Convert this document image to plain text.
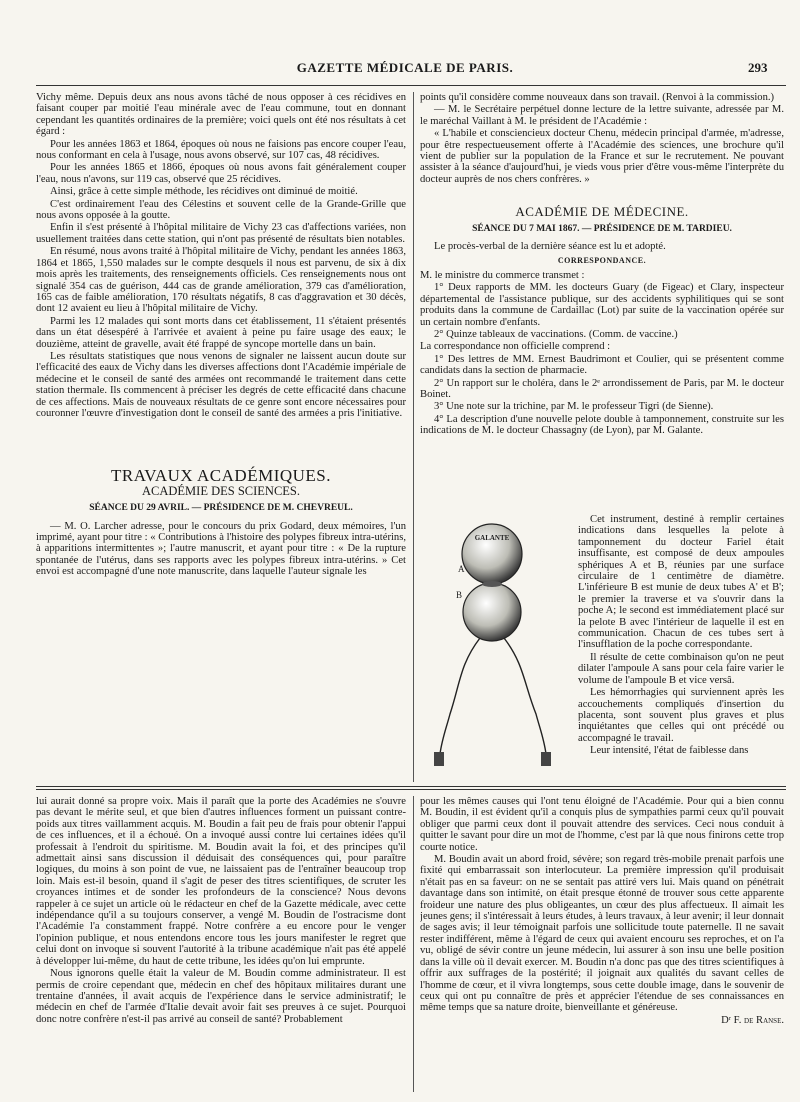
GAZETTE MÉDICALE DE PARIS.	293

Vichy même. Depuis deux ans nous avons tâché de nous opposer à ces récidives en faisant couper par moitié l'eau minérale avec de l'eau commune, tout en donnant cependant les quantités ordinaires de la première; voici quels ont été nos résultats à cet égard :

Pour les années 1863 et 1864, époques où nous ne faisions pas encore couper l'eau, nous conformant en cela à l'usage, nous avons observé, sur 107 cas, 48 récidives.

Pour les années 1865 et 1866, époques où nous avons fait généralement couper l'eau, nous n'avons, sur 119 cas, observé que 25 récidives.

Ainsi, grâce à cette simple méthode, les récidives ont diminué de moitié.

C'est ordinairement l'eau des Célestins et souvent celle de la Grande-Grille que nous avons opposée à la goutte.

Enfin il s'est présenté à l'hôpital militaire de Vichy 23 cas d'affections variées, non usuellement traitées dans cette station, qui n'ont pas présenté de résultats bien notables.

En résumé, nous avons traité à l'hôpital militaire de Vichy, pendant les années 1863, 1864 et 1865, 1,550 malades sur le compte desquels il nous est parvenu, de six à dix mois après les traitements, des renseignements officiels. Ces renseignements nous ont signalé 354 cas de guérison, 444 cas de grande amélioration, 379 cas d'amélioration, 165 cas de faible amélioration, 170 résultats négatifs, 8 cas d'aggravation et 30 décès, dont 12 avaient eu lieu à l'hôpital militaire de Vichy.

Parmi les 12 malades qui sont morts dans cet établissement, 11 s'étaient présentés dans un état désespéré à l'arrivée et avaient à peine pu faire usage des eaux; le douzième, atteint de gravelle, avait été frappé de syncope mortelle dans un bain.

Les résultats statistiques que nous venons de signaler ne laissent aucun doute sur l'efficacité des eaux de Vichy dans les diverses affections dont l'Académie impériale de médecine et le conseil de santé des armées ont recommandé le traitement dans cette station thermale. Ils commencent à préciser les degrés de cette efficacité dans chacune de ces affections. Mais de nouveaux résultats de ce genre sont encore nécessaires pour couronner l'œuvre d'investigation dont le conseil de santé des armées a pris l'initiative.

TRAVAUX ACADÉMIQUES.
ACADÉMIE DES SCIENCES.
SÉANCE DU 29 AVRIL. — PRÉSIDENCE DE M. CHEVREUL.

— M. O. Larcher adresse, pour le concours du prix Godard, deux mémoires, l'un imprimé, ayant pour titre : « Contributions à l'histoire des polypes fibreux intra-utérins, à apparitions intermittentes »; l'autre manuscrit, et ayant pour titre : « De la rupture spontanée de l'utérus, dans ses rapports avec les polypes fibreux intra-utérins. » Cet envoi est accompagné d'une note manuscrite, dans laquelle l'auteur signale les

points qu'il considère comme nouveaux dans son travail. (Renvoi à la commission.)

— M. le Secrétaire perpétuel donne lecture de la lettre suivante, adressée par M. le maréchal Vaillant à M. le président de l'Académie :

« L'habile et consciencieux docteur Chenu, médecin principal d'armée, m'adresse, pour être respectueusement offerte à l'Académie des sciences, une brochure qu'il vient de publier sur la population de la France et sur le recrutement. Ne pouvant assister à la séance d'aujourd'hui, je vieds vous prier d'être vous-même l'interprète du docteur auprès de nos chers confrères. »

ACADÉMIE DE MÉDECINE.
SÉANCE DU 7 MAI 1867. — PRÉSIDENCE DE M. TARDIEU.

Le procès-verbal de la dernière séance est lu et adopté.

CORRESPONDANCE.

M. le ministre du commerce transmet :

1° Deux rapports de MM. les docteurs Guary (de Figeac) et Clary, inspecteur départemental de l'assistance publique, sur des accidents syphilitiques qui se sont produits dans la commune de Cardaillac (Lot) par suite de la vaccination opérée sur un certain nombre d'enfants.

2° Quinze tableaux de vaccinations. (Comm. de vaccine.)

La correspondance non officielle comprend :

1° Des lettres de MM. Ernest Baudrimont et Coulier, qui se présentent comme candidats dans la section de pharmacie.

2° Un rapport sur le choléra, dans le 2ᵉ arrondissement de Paris, par M. le docteur Boinet.

3° Une note sur la trichine, par M. le professeur Tigri (de Sienne).

4° La description d'une nouvelle pelote double à tamponnement, construite sur les indications de M. le docteur Chassagny (de Lyon), par M. Galante.

GALANTE
A
B

Cet instrument, destiné à remplir certaines indications dans lesquelles la pelote à tamponnement du docteur Fariel était insuffisante, est composé de deux ampoules sphériques A et B, réunies par une surface circulaire de 1 centimètre de diamètre. L'inférieure B est munie de deux tubes A' et B'; le premier la traverse et va s'ouvrir dans la poche A; le second est immédiatement placé sur la pelote B avec l'intérieur de laquelle il est en communication. Chacun de ces tubes sert à l'insufflation de la poche correspondante.

Il résulte de cette combinaison qu'on ne peut dilater l'ampoule A sans pour cela faire varier le volume de l'ampoule B et vice versâ.

Les hémorrhagies qui surviennent après les accouchements compliqués d'insertion du placenta, sont souvent plus graves et plus inquiétantes que celles qui ont précédé ou accompagné le travail.

Leur intensité, l'état de faiblesse dans

lui aurait donné sa propre voix. Mais il paraît que la porte des Académies ne s'ouvre pas devant le mérite seul, et que bien d'autres influences forment un puissant contre-poids aux titres vaillamment acquis. M. Boudin a fait peu de frais pour obtenir l'appui de ces influences, et il a échoué. On a invoqué aussi contre lui certaines idées qu'il professait à l'endroit du spiritisme. M. Boudin avait la foi, et des principes qu'il admettait ainsi sans discussion il déduisait des conséquences qui, pour paraître logiques, du moins à son point de vue, ne laissaient pas de l'entraîner beaucoup trop loin. Mais est-il besoin, quand il s'agit de peser des titres scientifiques, de scruter les croyances intimes et de sonder les profondeurs de la conscience? Nous devons rappeler à ce sujet un article où le rédacteur en chef de la Gazette médicale, avec cette indépendance qu'il a su toujours conserver, a vengé M. Boudin de l'ostracisme dont l'Académie l'a constamment frappé. Notre confrère a eu encore pour le venger l'opinion publique, et nous entendons encore tous les jours manifester le regret que celui dont on invoque si souvent l'autorité à la tribune académique n'ait pas été appelé à développer lui-même, du haut de cette tribune, les idées qu'on lui emprunte.

Nous ignorons quelle était la valeur de M. Boudin comme administrateur. Il est permis de croire cependant que, médecin en chef des hôpitaux militaires durant une trentaine d'années, il avait acquis de l'expérience dans le service administratif; le médecin en chef de l'armée d'Italie devait avoir fait ses preuves à ce sujet. Pourquoi donc notre confrère n'est-il pas arrivé au conseil de santé? Probablement

pour les mêmes causes qui l'ont tenu éloigné de l'Académie. Pour qui a bien connu M. Boudin, il est évident qu'il a conquis plus de sympathies parmi ceux qu'il pouvait obliger que parmi ceux dont il pouvait attendre des services. Ceci nous conduit à quitter le savant pour dire un mot de l'homme, c'est par là que nous finirons cette trop courte notice.

M. Boudin avait un abord froid, sévère; son regard très-mobile prenait parfois une fixité qui embarrassait son interlocuteur. La première impression qu'il produisait n'était pas en sa faveur: on ne se sentait pas attiré vers lui. Mais quand on pénétrait davantage dans son intimité, on était presque étonné de trouver sous cette apparente froideur une nature des plus obligeantes, un cœur des plus affectueux. Il aimait les jeunes gens; il s'intéressait à leurs études, à leurs travaux, à leur avenir; il leur donnait de sages avis; il leur témoignait parfois une sollicitude toute paternelle. Il ne savait rester indifférent, même à l'égard de ceux qui avaient encouru ses reproches, et on l'a vu, obligé de sévir contre un jeune médecin, lui assurer à son insu une belle position dans la ville où il devait exercer. M. Boudin n'a donc pas que des titres scientifiques à offrir aux suffrages de la postérité; il joignait aux qualités du savant celles de l'homme de cœur, et il vivra longtemps, sous cette double image, dans le souvenir de ceux qui ont pu connaître de près et apprécier l'étendue de ses connaissances en même temps que sa nature droite, bienveillante et généreuse.

Dʳ F. de Ranse.
